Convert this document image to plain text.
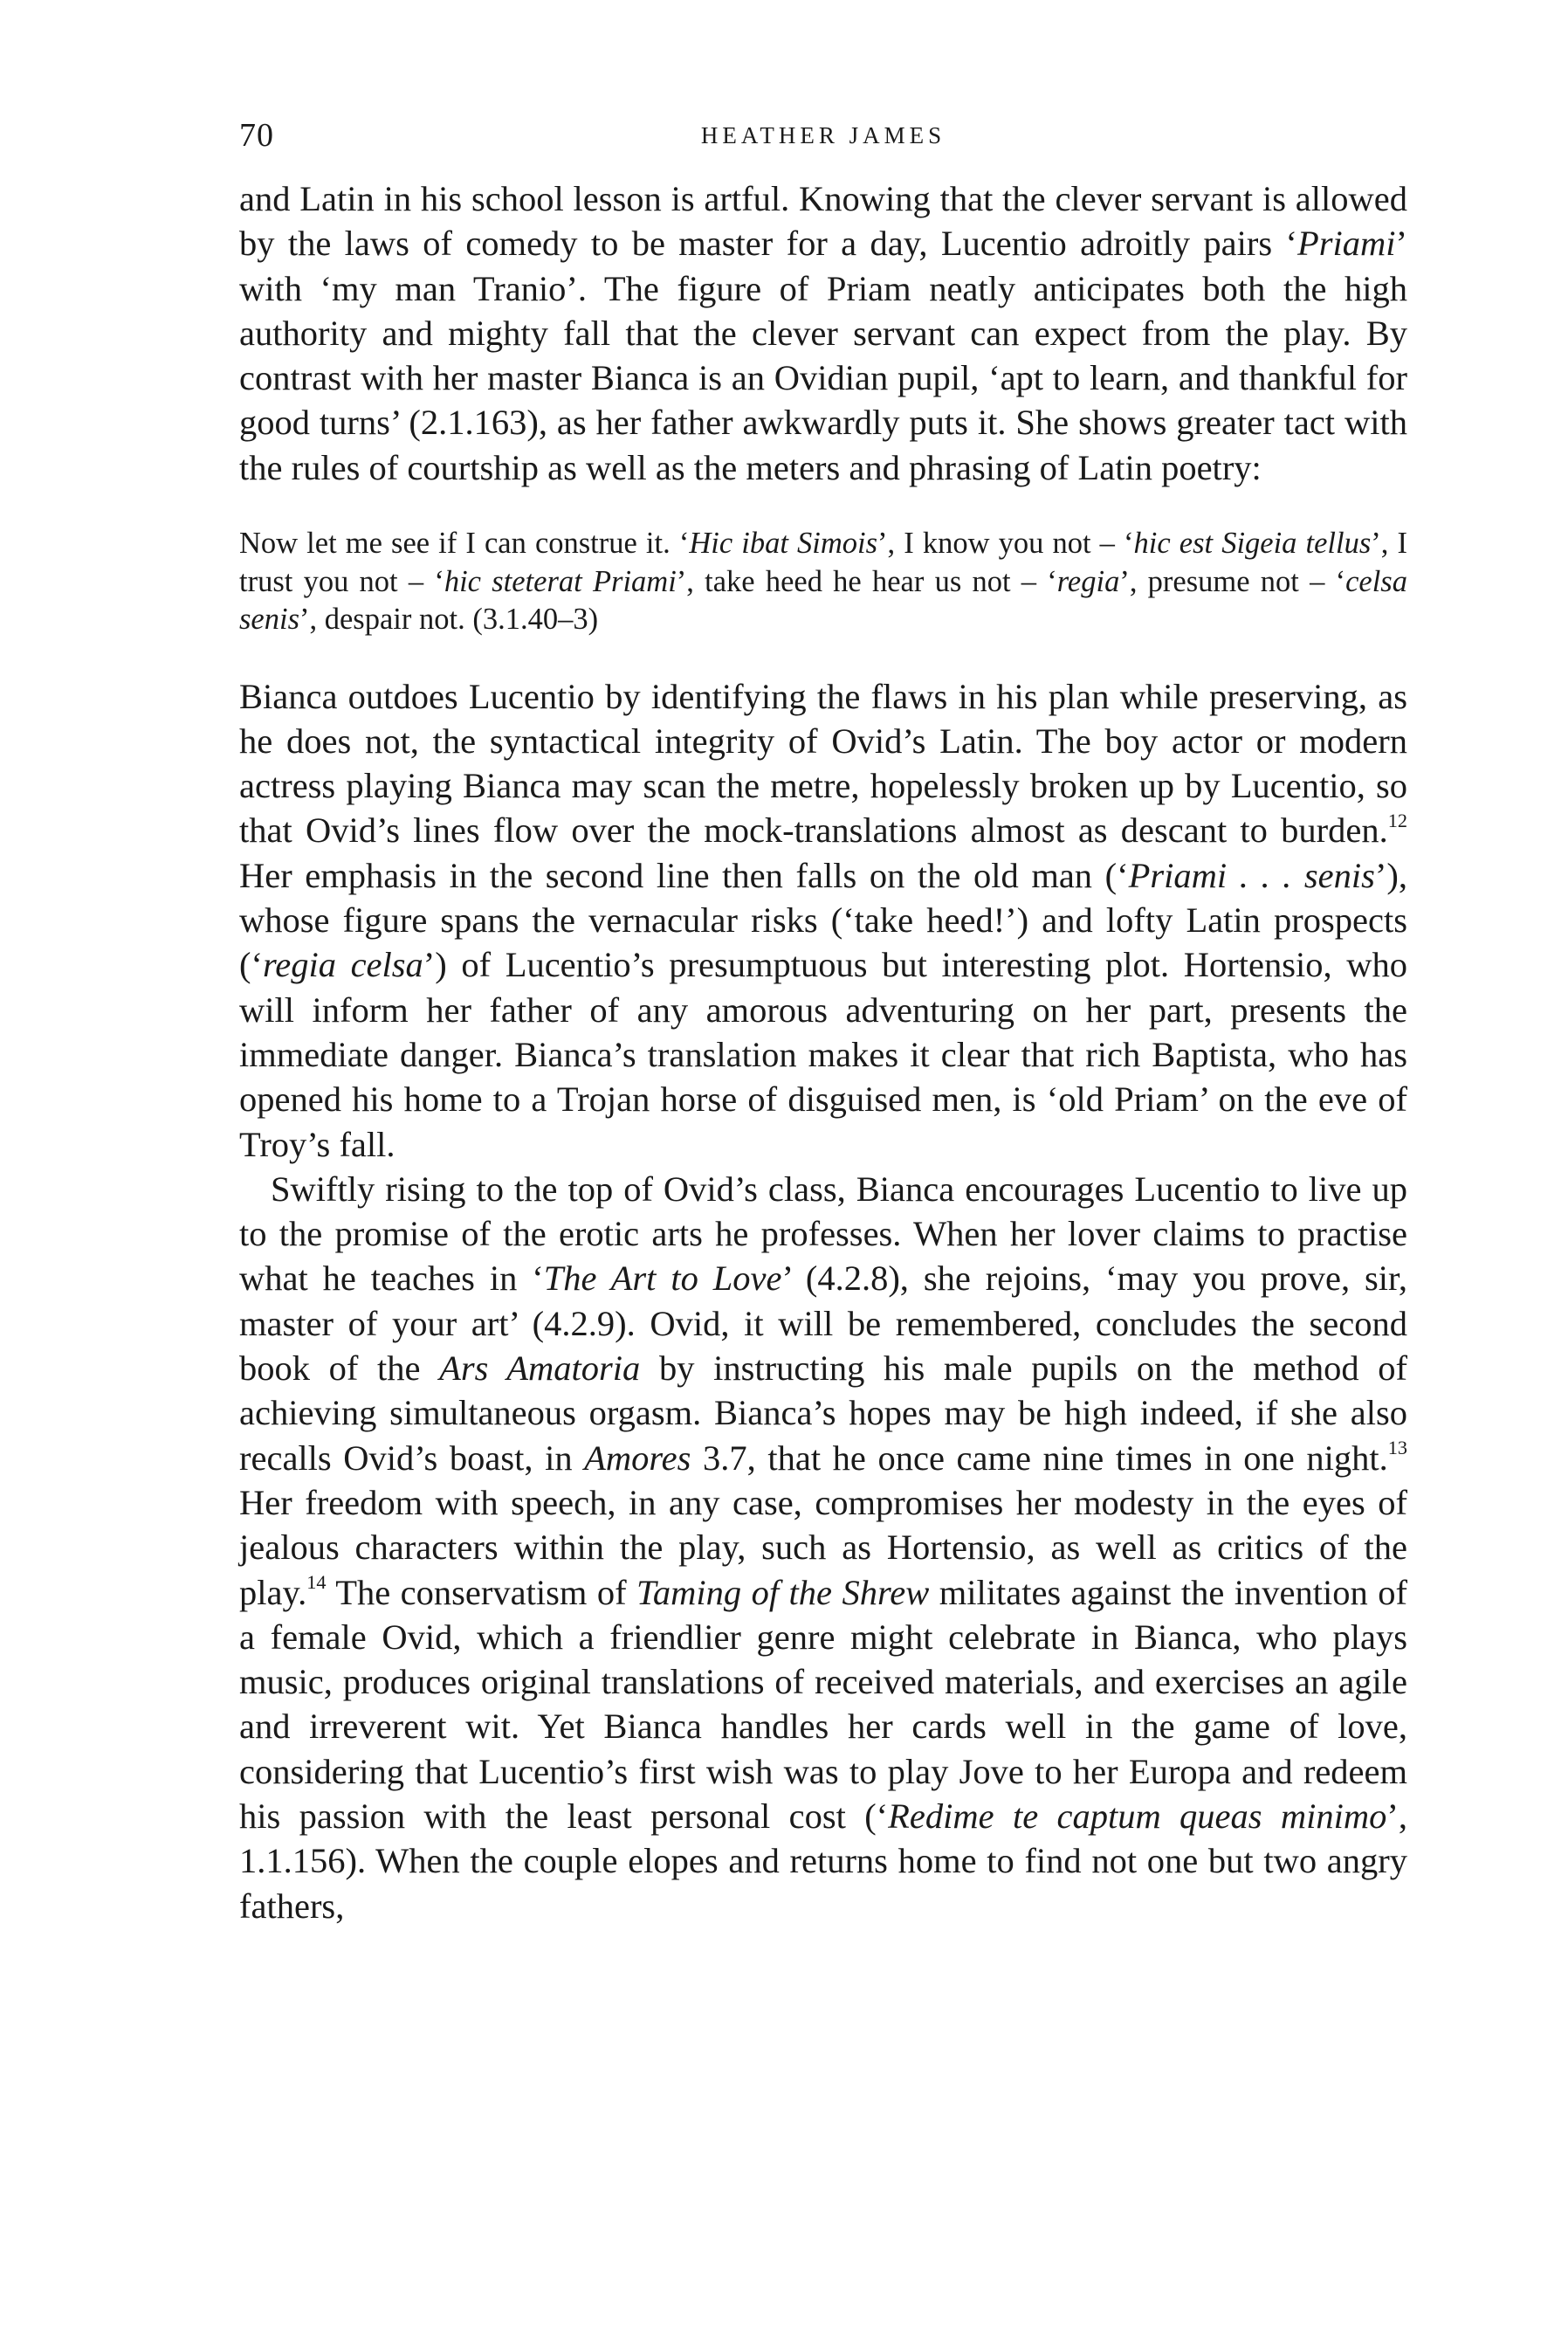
70	HEATHER JAMES

and Latin in his school lesson is artful. Knowing that the clever servant is allowed by the laws of comedy to be master for a day, Lucentio adroitly pairs ‘Priami’ with ‘my man Tranio’. The figure of Priam neatly anticipates both the high authority and mighty fall that the clever servant can expect from the play. By contrast with her master Bianca is an Ovidian pupil, ‘apt to learn, and thankful for good turns’ (2.1.163), as her father awkwardly puts it. She shows greater tact with the rules of courtship as well as the meters and phrasing of Latin poetry:

Now let me see if I can construe it. ‘Hic ibat Simois’, I know you not – ‘hic est Sigeia tellus’, I trust you not – ‘hic steterat Priami’, take heed he hear us not – ‘regia’, presume not – ‘celsa senis’, despair not. (3.1.40–3)

Bianca outdoes Lucentio by identifying the flaws in his plan while preserving, as he does not, the syntactical integrity of Ovid’s Latin. The boy actor or modern actress playing Bianca may scan the metre, hopelessly broken up by Lucentio, so that Ovid’s lines flow over the mock-translations almost as descant to burden.$^{12}$ Her emphasis in the second line then falls on the old man (‘Priami . . . senis’), whose figure spans the vernacular risks (‘take heed!’) and lofty Latin prospects (‘regia celsa’) of Lucentio’s presumptuous but interesting plot. Hortensio, who will inform her father of any amorous adventuring on her part, presents the immediate danger. Bianca’s translation makes it clear that rich Baptista, who has opened his home to a Trojan horse of disguised men, is ‘old Priam’ on the eve of Troy’s fall.

Swiftly rising to the top of Ovid’s class, Bianca encourages Lucentio to live up to the promise of the erotic arts he professes. When her lover claims to practise what he teaches in ‘The Art to Love’ (4.2.8), she rejoins, ‘may you prove, sir, master of your art’ (4.2.9). Ovid, it will be remembered, concludes the second book of the Ars Amatoria by instructing his male pupils on the method of achieving simultaneous orgasm. Bianca’s hopes may be high indeed, if she also recalls Ovid’s boast, in Amores 3.7, that he once came nine times in one night.$^{13}$ Her freedom with speech, in any case, compromises her modesty in the eyes of jealous characters within the play, such as Hortensio, as well as critics of the play.$^{14}$ The conservatism of Taming of the Shrew militates against the invention of a female Ovid, which a friendlier genre might celebrate in Bianca, who plays music, produces original translations of received materials, and exercises an agile and irreverent wit. Yet Bianca handles her cards well in the game of love, considering that Lucentio’s first wish was to play Jove to her Europa and redeem his passion with the least personal cost (‘Redime te captum queas minimo’, 1.1.156). When the couple elopes and returns home to find not one but two angry fathers,
